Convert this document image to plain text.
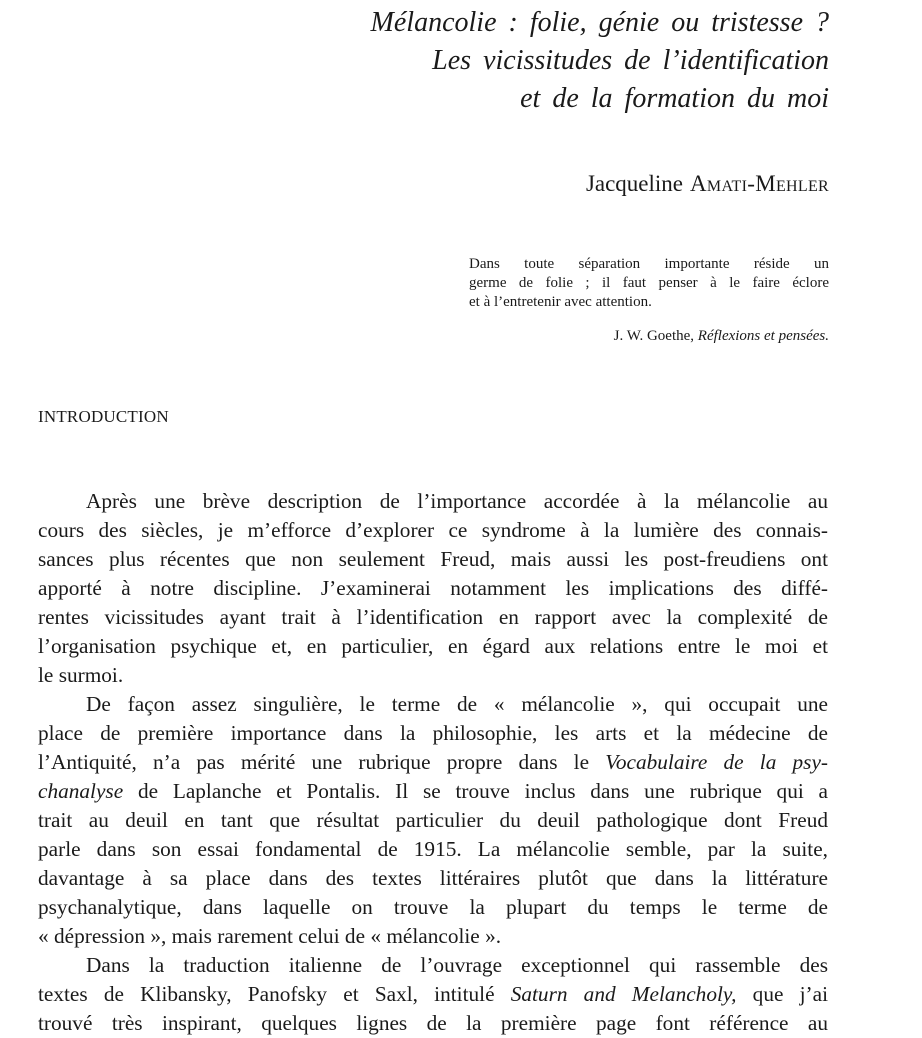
Mélancolie : folie, génie ou tristesse ?
Les vicissitudes de l’identification
et de la formation du moi
Jacqueline Amati-Mehler
Dans toute séparation importante réside un
germe de folie ; il faut penser à le faire éclore
et à l’entretenir avec attention.
J. W. Goethe, Réflexions et pensées.
INTRODUCTION
Après une brève description de l’importance accordée à la mélancolie au
cours des siècles, je m’efforce d’explorer ce syndrome à la lumière des connais-
sances plus récentes que non seulement Freud, mais aussi les post-freudiens ont
apporté à notre discipline. J’examinerai notamment les implications des diffé-
rentes vicissitudes ayant trait à l’identification en rapport avec la complexité de
l’organisation psychique et, en particulier, en égard aux relations entre le moi et
le surmoi.
De façon assez singulière, le terme de « mélancolie », qui occupait une
place de première importance dans la philosophie, les arts et la médecine de
l’Antiquité, n’a pas mérité une rubrique propre dans le Vocabulaire de la psy-
chanalyse de Laplanche et Pontalis. Il se trouve inclus dans une rubrique qui a
trait au deuil en tant que résultat particulier du deuil pathologique dont Freud
parle dans son essai fondamental de 1915. La mélancolie semble, par la suite,
davantage à sa place dans des textes littéraires plutôt que dans la littérature
psychanalytique, dans laquelle on trouve la plupart du temps le terme de
« dépression », mais rarement celui de « mélancolie ».
Dans la traduction italienne de l’ouvrage exceptionnel qui rassemble des
textes de Klibansky, Panofsky et Saxl, intitulé Saturn and Melancholy, que j’ai
trouvé très inspirant, quelques lignes de la première page font référence au
